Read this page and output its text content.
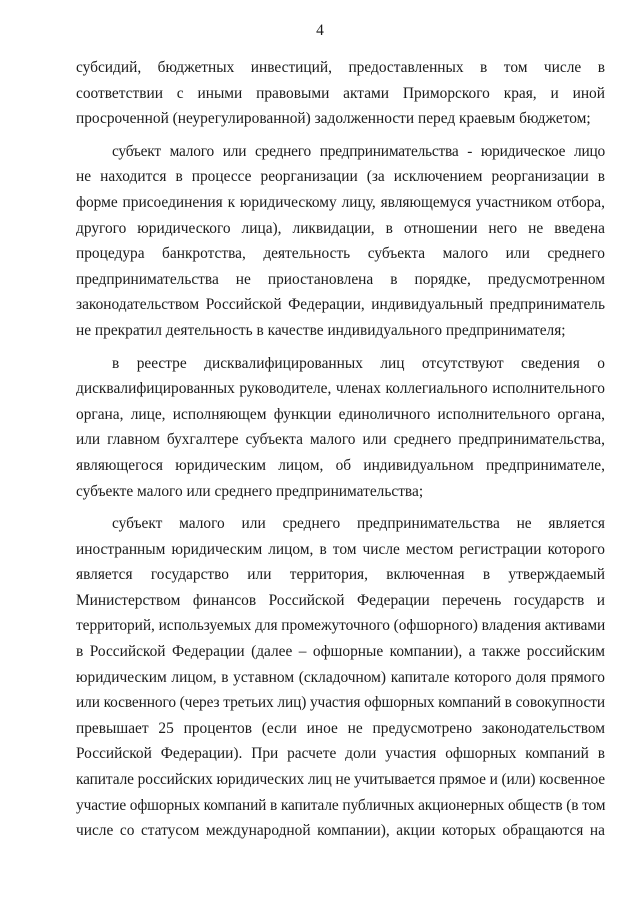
4
субсидий, бюджетных инвестиций, предоставленных в том числе в
соответствии с иными правовыми актами Приморского края, и иной
просроченной (неурегулированной) задолженности перед краевым бюджетом;
субъект малого или среднего предпринимательства - юридическое лицо
не находится в процессе реорганизации (за исключением реорганизации в
форме присоединения к юридическому лицу, являющемуся участником отбора,
другого юридического лица), ликвидации, в отношении него не введена
процедура банкротства, деятельность субъекта малого или среднего
предпринимательства не приостановлена в порядке, предусмотренном
законодательством Российской Федерации, индивидуальный предприниматель
не прекратил деятельность в качестве индивидуального предпринимателя;
в реестре дисквалифицированных лиц отсутствуют сведения о
дисквалифицированных руководителе, членах коллегиального исполнительного
органа, лице, исполняющем функции единоличного исполнительного органа,
или главном бухгалтере субъекта малого или среднего предпринимательства,
являющегося юридическим лицом, об индивидуальном предпринимателе,
субъекте малого или среднего предпринимательства;
субъект малого или среднего предпринимательства не является
иностранным юридическим лицом, в том числе местом регистрации которого
является государство или территория, включенная в утверждаемый
Министерством финансов Российской Федерации перечень государств и
территорий, используемых для промежуточного (офшорного) владения активами
в Российской Федерации (далее – офшорные компании), а также российским
юридическим лицом, в уставном (складочном) капитале которого доля прямого
или косвенного (через третьих лиц) участия офшорных компаний в совокупности
превышает 25 процентов (если иное не предусмотрено законодательством
Российской Федерации). При расчете доли участия офшорных компаний в
капитале российских юридических лиц не учитывается прямое и (или) косвенное
участие офшорных компаний в капитале публичных акционерных обществ (в том
числе со статусом международной компании), акции которых обращаются на
